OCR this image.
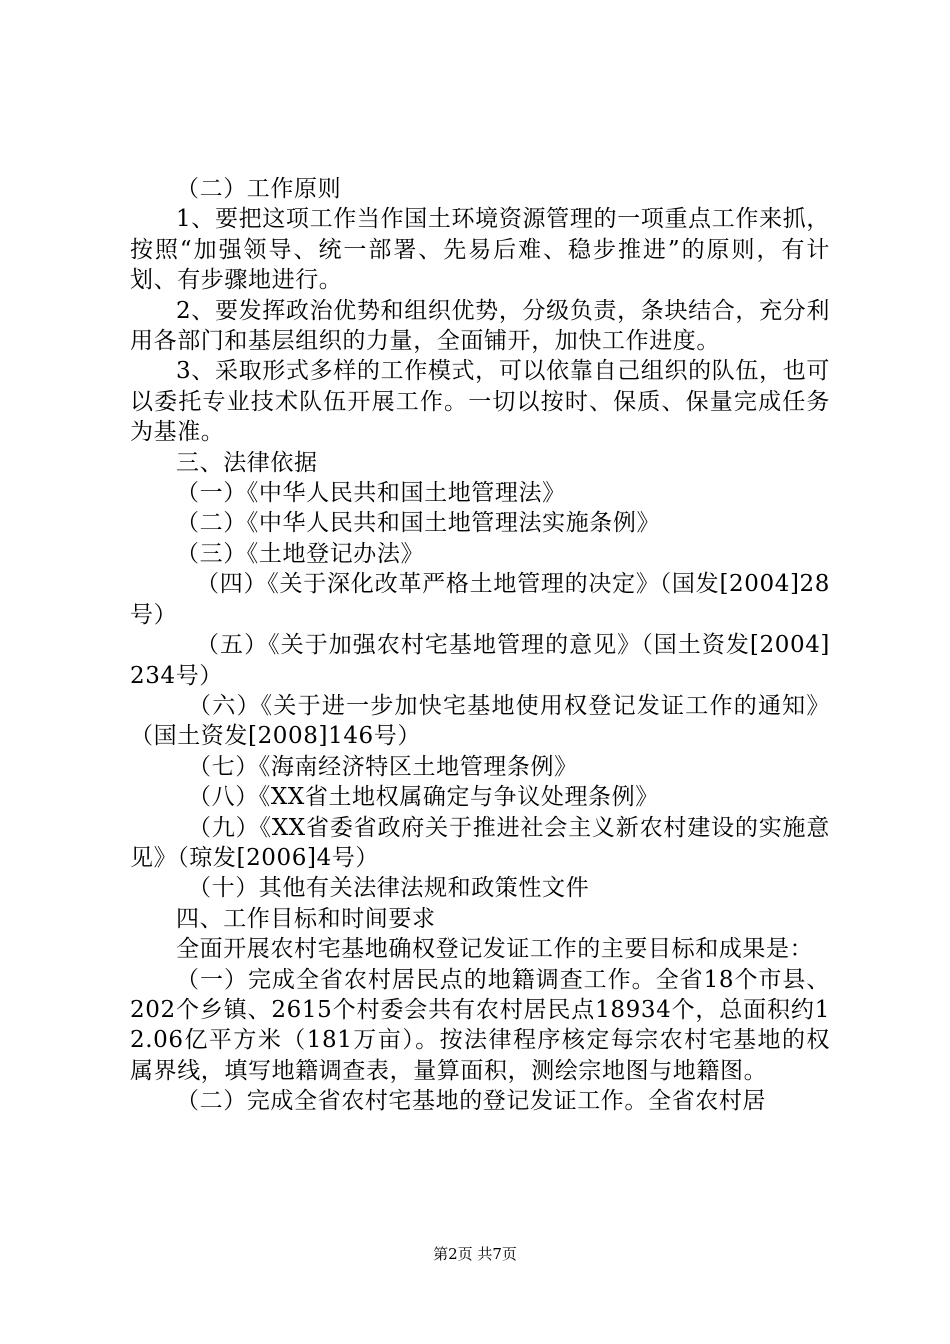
（二）工作原则

1、要把这项工作当作国土环境资源管理的一项重点工作来抓，按照“加强领导、统一部署、先易后难、稳步推进”的原则，有计划、有步骤地进行。

2、要发挥政治优势和组织优势，分级负责，条块结合，充分利用各部门和基层组织的力量，全面铺开，加快工作进度。

3、采取形式多样的工作模式，可以依靠自己组织的队伍，也可以委托专业技术队伍开展工作。一切以按时、保质、保量完成任务为基准。

三、法律依据

（一）《中华人民共和国土地管理法》

（二）《中华人民共和国土地管理法实施条例》

（三）《土地登记办法》

（四）《关于深化改革严格土地管理的决定》（国发[2004]28号）

（五）《关于加强农村宅基地管理的意见》（国土资发[2004]234号）

（六）《关于进一步加快宅基地使用权登记发证工作的通知》（国土资发[2008]146号）

（七）《海南经济特区土地管理条例》

（八）《XX省土地权属确定与争议处理条例》

（九）《XX省委省政府关于推进社会主义新农村建设的实施意见》（琼发[2006]4号）

（十）其他有关法律法规和政策性文件

四、工作目标和时间要求

全面开展农村宅基地确权登记发证工作的主要目标和成果是：

（一）完成全省农村居民点的地籍调查工作。全省18个市县、202个乡镇、2615个村委会共有农村居民点18934个，总面积约12.06亿平方米（181万亩）。按法律程序核定每宗农村宅基地的权属界线，填写地籍调查表，量算面积，测绘宗地图与地籍图。

（二）完成全省农村宅基地的登记发证工作。全省农村居

第2页 共7页
